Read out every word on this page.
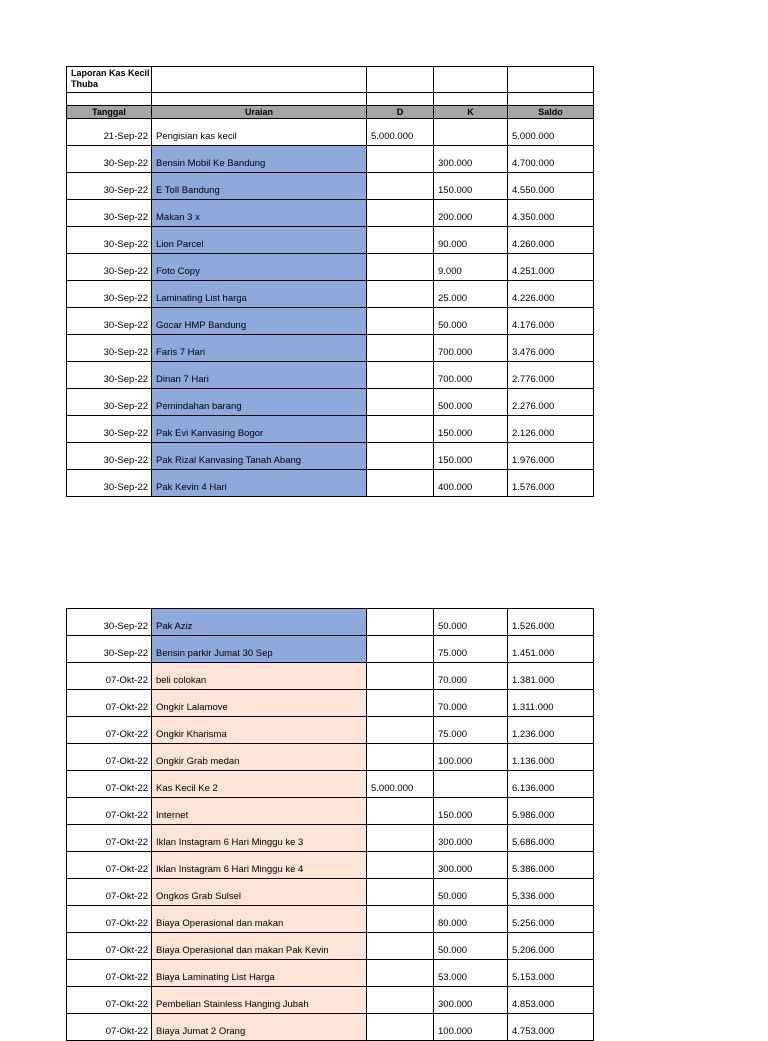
Laporan Kas Kecil Thuba				

Tanggal	Uraian	D	K	Saldo
21-Sep-22	Pengisian kas kecil	5.000.000		5.000.000
30-Sep-22	Bensin Mobil Ke Bandung		300.000	4.700.000
30-Sep-22	E Toll Bandung		150.000	4.550.000
30-Sep-22	Makan 3 x		200.000	4.350.000
30-Sep-22	Lion Parcel		90.000	4.260.000
30-Sep-22	Foto Copy		9.000	4.251.000
30-Sep-22	Laminating List harga		25.000	4.226.000
30-Sep-22	Gocar HMP Bandung		50.000	4.176.000
30-Sep-22	Faris 7 Hari		700.000	3.476.000
30-Sep-22	Dinan 7 Hari		700.000	2.776.000
30-Sep-22	Pemindahan barang		500.000	2.276.000
30-Sep-22	Pak Evi Kanvasing Bogor		150.000	2.126.000
30-Sep-22	Pak Rizal Kanvasing Tanah Abang		150.000	1.976.000
30-Sep-22	Pak Kevin 4 Hari		400.000	1.576.000
30-Sep-22	Pak Aziz		50.000	1.526.000
30-Sep-22	Bensin parkir Jumat 30 Sep		75.000	1.451.000
07-Okt-22	beli colokan		70.000	1.381.000
07-Okt-22	Ongkir Lalamove		70.000	1.311.000
07-Okt-22	Ongkir Kharisma		75.000	1.236.000
07-Okt-22	Ongkir Grab medan		100.000	1.136.000
07-Okt-22	Kas Kecil Ke 2	5.000.000		6.136.000
07-Okt-22	Internet		150.000	5.986.000
07-Okt-22	Iklan Instagram 6 Hari Minggu ke 3		300.000	5.686.000
07-Okt-22	Iklan Instagram 6 Hari Minggu ke 4		300.000	5.386.000
07-Okt-22	Ongkos Grab Sulsel		50.000	5.336.000
07-Okt-22	Biaya Operasional dan makan		80.000	5.256.000
07-Okt-22	Biaya Operasional dan makan Pak Kevin		50.000	5.206.000
07-Okt-22	Biaya Laminating List Harga		53.000	5.153.000
07-Okt-22	Pembelian Stainless Hanging Jubah		300.000	4.853.000
07-Okt-22	Biaya Jumat 2 Orang		100.000	4.753.000
